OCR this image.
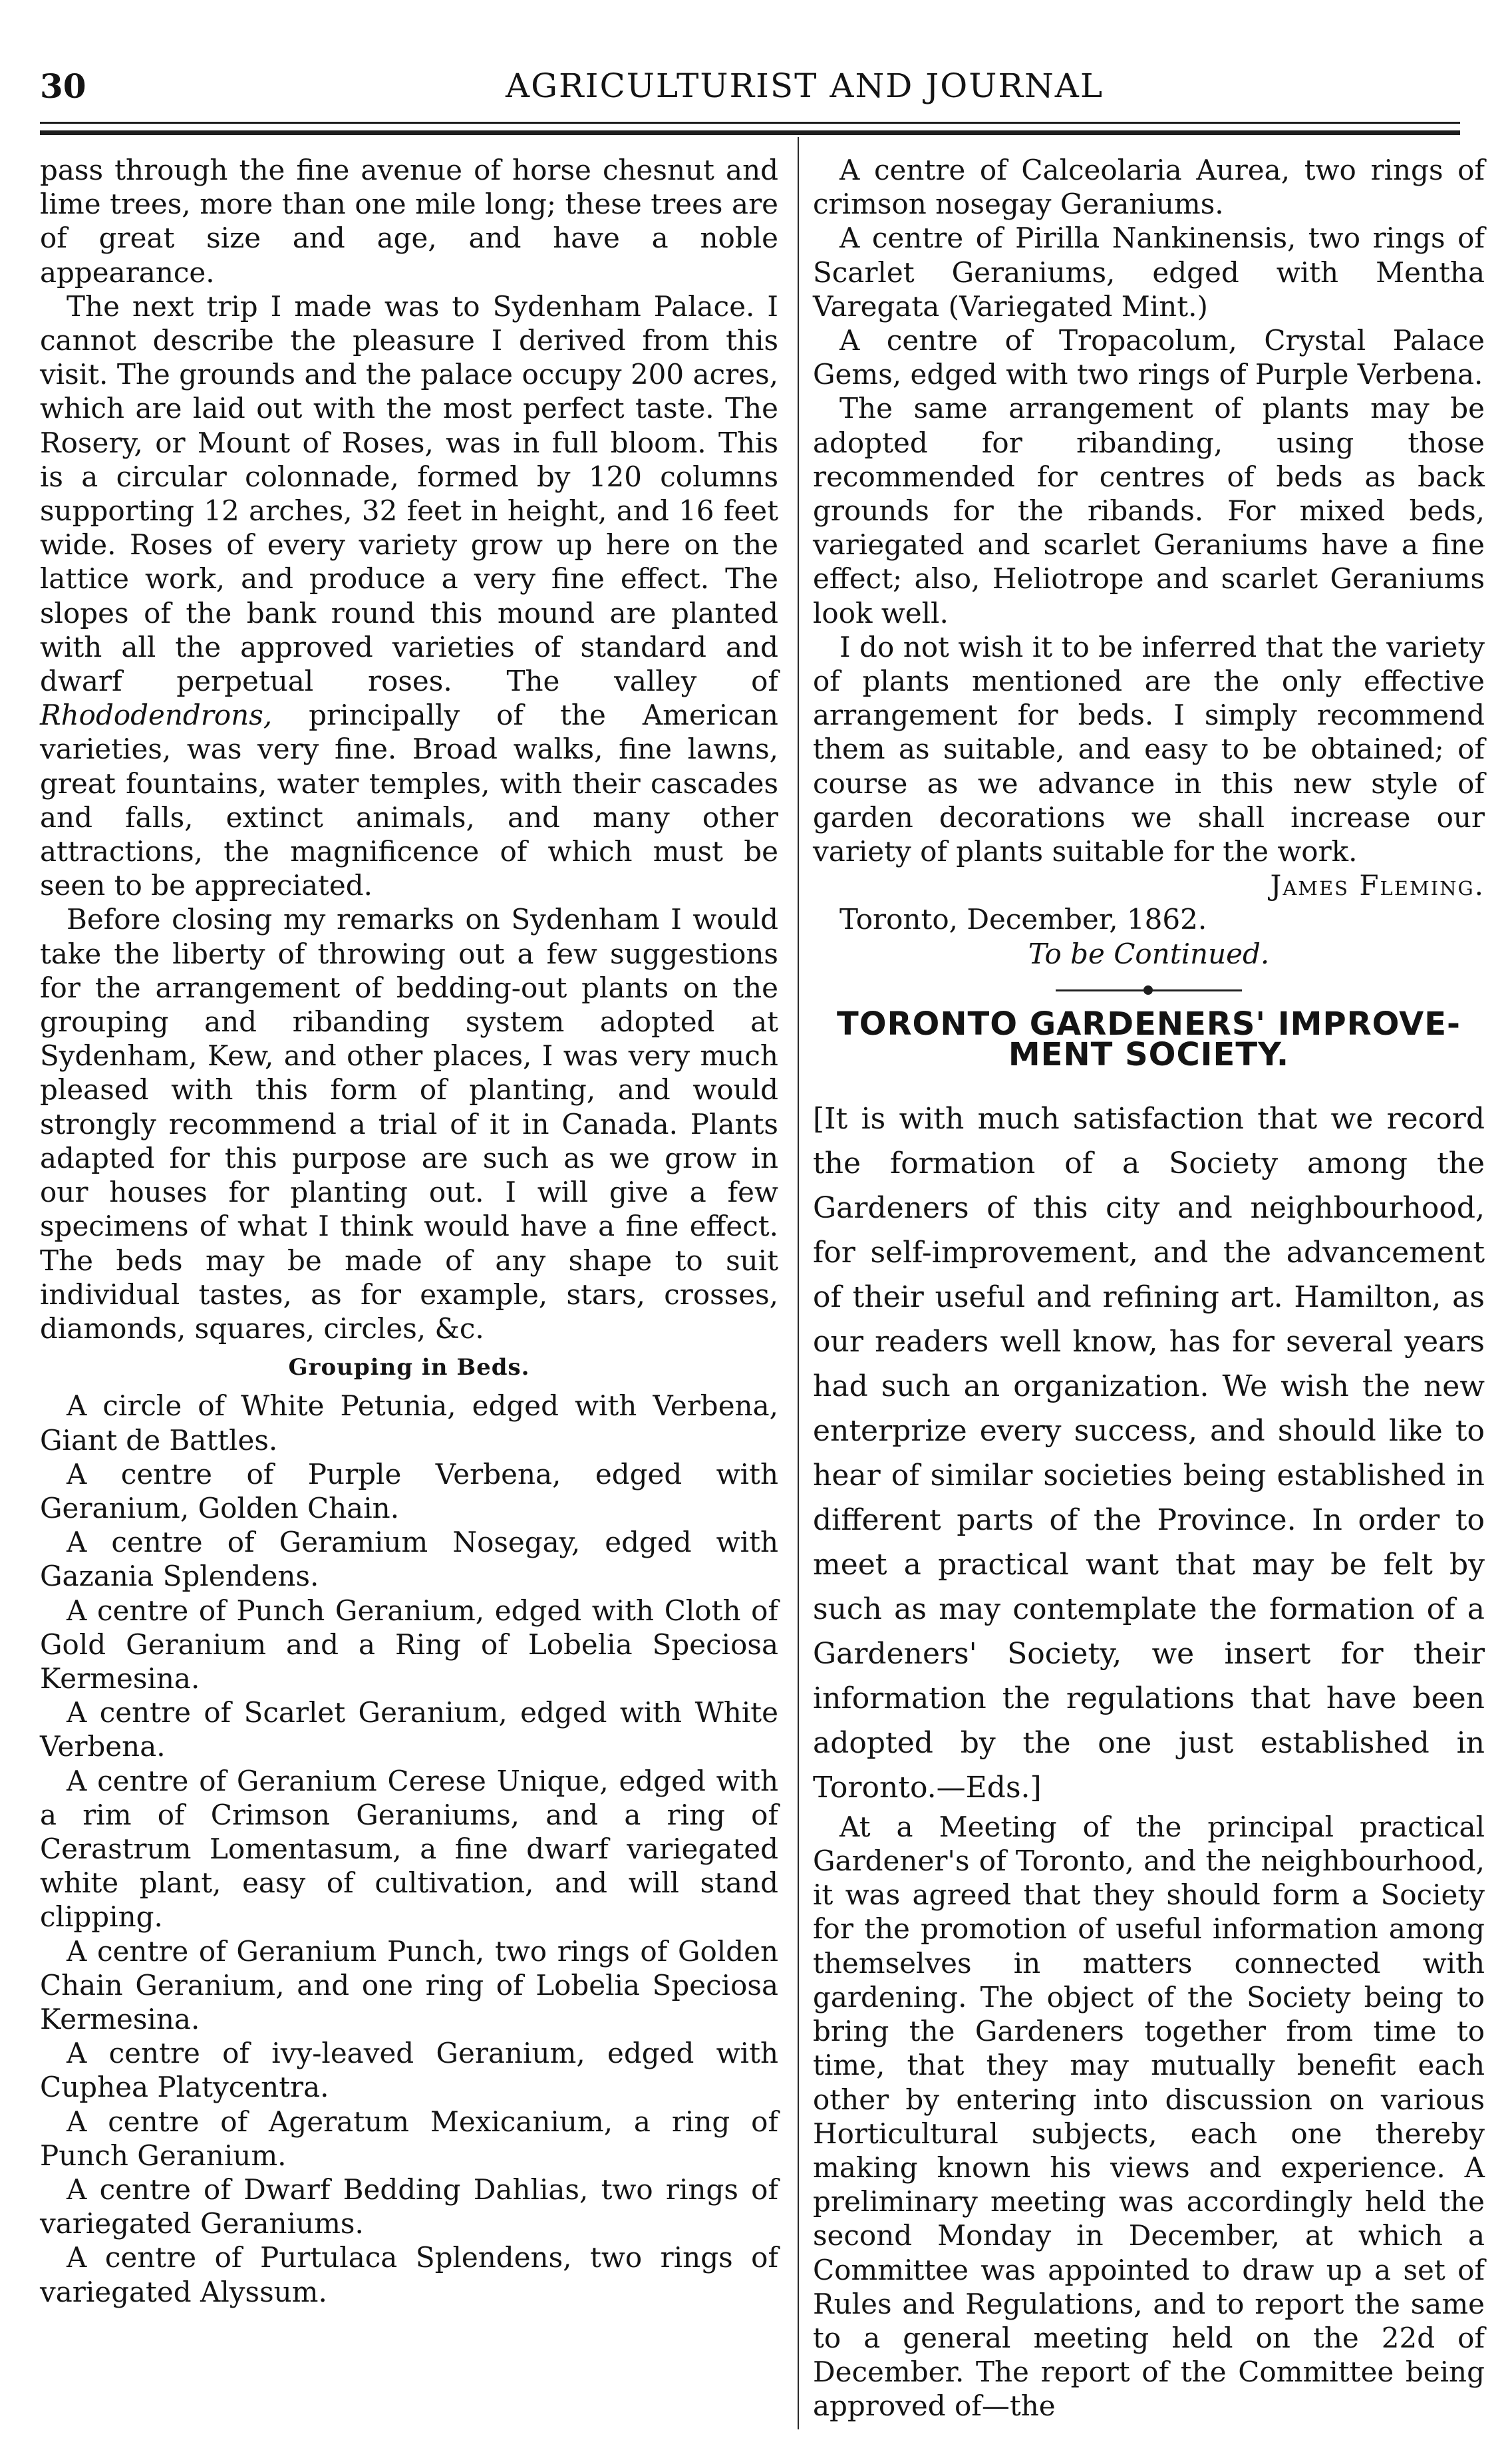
30	AGRICULTURIST AND JOURNAL

pass through the fine avenue of horse chesnut and lime trees, more than one mile long; these trees are of great size and age, and have a noble appearance.

The next trip I made was to Sydenham Palace. I cannot describe the pleasure I derived from this visit. The grounds and the palace occupy 200 acres, which are laid out with the most perfect taste. The Rosery, or Mount of Roses, was in full bloom. This is a circular colonnade, formed by 120 columns supporting 12 arches, 32 feet in height, and 16 feet wide. Roses of every variety grow up here on the lattice work, and produce a very fine effect. The slopes of the bank round this mound are planted with all the approved varieties of standard and dwarf perpetual roses. The valley of Rhododendrons, principally of the American varieties, was very fine. Broad walks, fine lawns, great fountains, water temples, with their cascades and falls, extinct animals, and many other attractions, the magnificence of which must be seen to be appreciated.

Before closing my remarks on Sydenham I would take the liberty of throwing out a few suggestions for the arrangement of bedding-out plants on the grouping and ribanding system adopted at Sydenham, Kew, and other places, I was very much pleased with this form of planting, and would strongly recommend a trial of it in Canada. Plants adapted for this purpose are such as we grow in our houses for planting out. I will give a few specimens of what I think would have a fine effect. The beds may be made of any shape to suit individual tastes, as for example, stars, crosses, diamonds, squares, circles, &c.

Grouping in Beds.

A circle of White Petunia, edged with Verbena, Giant de Battles.

A centre of Purple Verbena, edged with Geranium, Golden Chain.

A centre of Geramium Nosegay, edged with Gazania Splendens.

A centre of Punch Geranium, edged with Cloth of Gold Geranium and a Ring of Lobelia Speciosa Kermesina.

A centre of Scarlet Geranium, edged with White Verbena.

A centre of Geranium Cerese Unique, edged with a rim of Crimson Geraniums, and a ring of Cerastrum Lomentasum, a fine dwarf variegated white plant, easy of cultivation, and will stand clipping.

A centre of Geranium Punch, two rings of Golden Chain Geranium, and one ring of Lobelia Speciosa Kermesina.

A centre of ivy-leaved Geranium, edged with Cuphea Platycentra.

A centre of Ageratum Mexicanium, a ring of Punch Geranium.

A centre of Dwarf Bedding Dahlias, two rings of variegated Geraniums.

A centre of Purtulaca Splendens, two rings of variegated Alyssum.

A centre of Calceolaria Aurea, two rings of crimson nosegay Geraniums.

A centre of Pirilla Nankinensis, two rings of Scarlet Geraniums, edged with Mentha Varegata (Variegated Mint.)

A centre of Tropacolum, Crystal Palace Gems, edged with two rings of Purple Verbena.

The same arrangement of plants may be adopted for ribanding, using those recommended for centres of beds as back grounds for the ribands. For mixed beds, variegated and scarlet Geraniums have a fine effect; also, Heliotrope and scarlet Geraniums look well.

I do not wish it to be inferred that the variety of plants mentioned are the only effective arrangement for beds. I simply recommend them as suitable, and easy to be obtained; of course as we advance in this new style of garden decorations we shall increase our variety of plants suitable for the work.

James Fleming.
Toronto, December, 1862.
To be Continued.
TORONTO GARDENERS' IMPROVE-
MENT SOCIETY.

[It is with much satisfaction that we record the formation of a Society among the Gardeners of this city and neighbourhood, for self-improvement, and the advancement of their useful and refining art. Hamilton, as our readers well know, has for several years had such an organization. We wish the new enterprize every success, and should like to hear of similar societies being established in different parts of the Province. In order to meet a practical want that may be felt by such as may contemplate the formation of a Gardeners' Society, we insert for their information the regulations that have been adopted by the one just established in Toronto.—Eds.]

At a Meeting of the principal practical Gardener's of Toronto, and the neighbourhood, it was agreed that they should form a Society for the promotion of useful information among themselves in matters connected with gardening. The object of the Society being to bring the Gardeners together from time to time, that they may mutually benefit each other by entering into discussion on various Horticultural subjects, each one thereby making known his views and experience. A preliminary meeting was accordingly held the second Monday in December, at which a Committee was appointed to draw up a set of Rules and Regulations, and to report the same to a general meeting held on the 22d of December. The report of the Committee being approved of—the
